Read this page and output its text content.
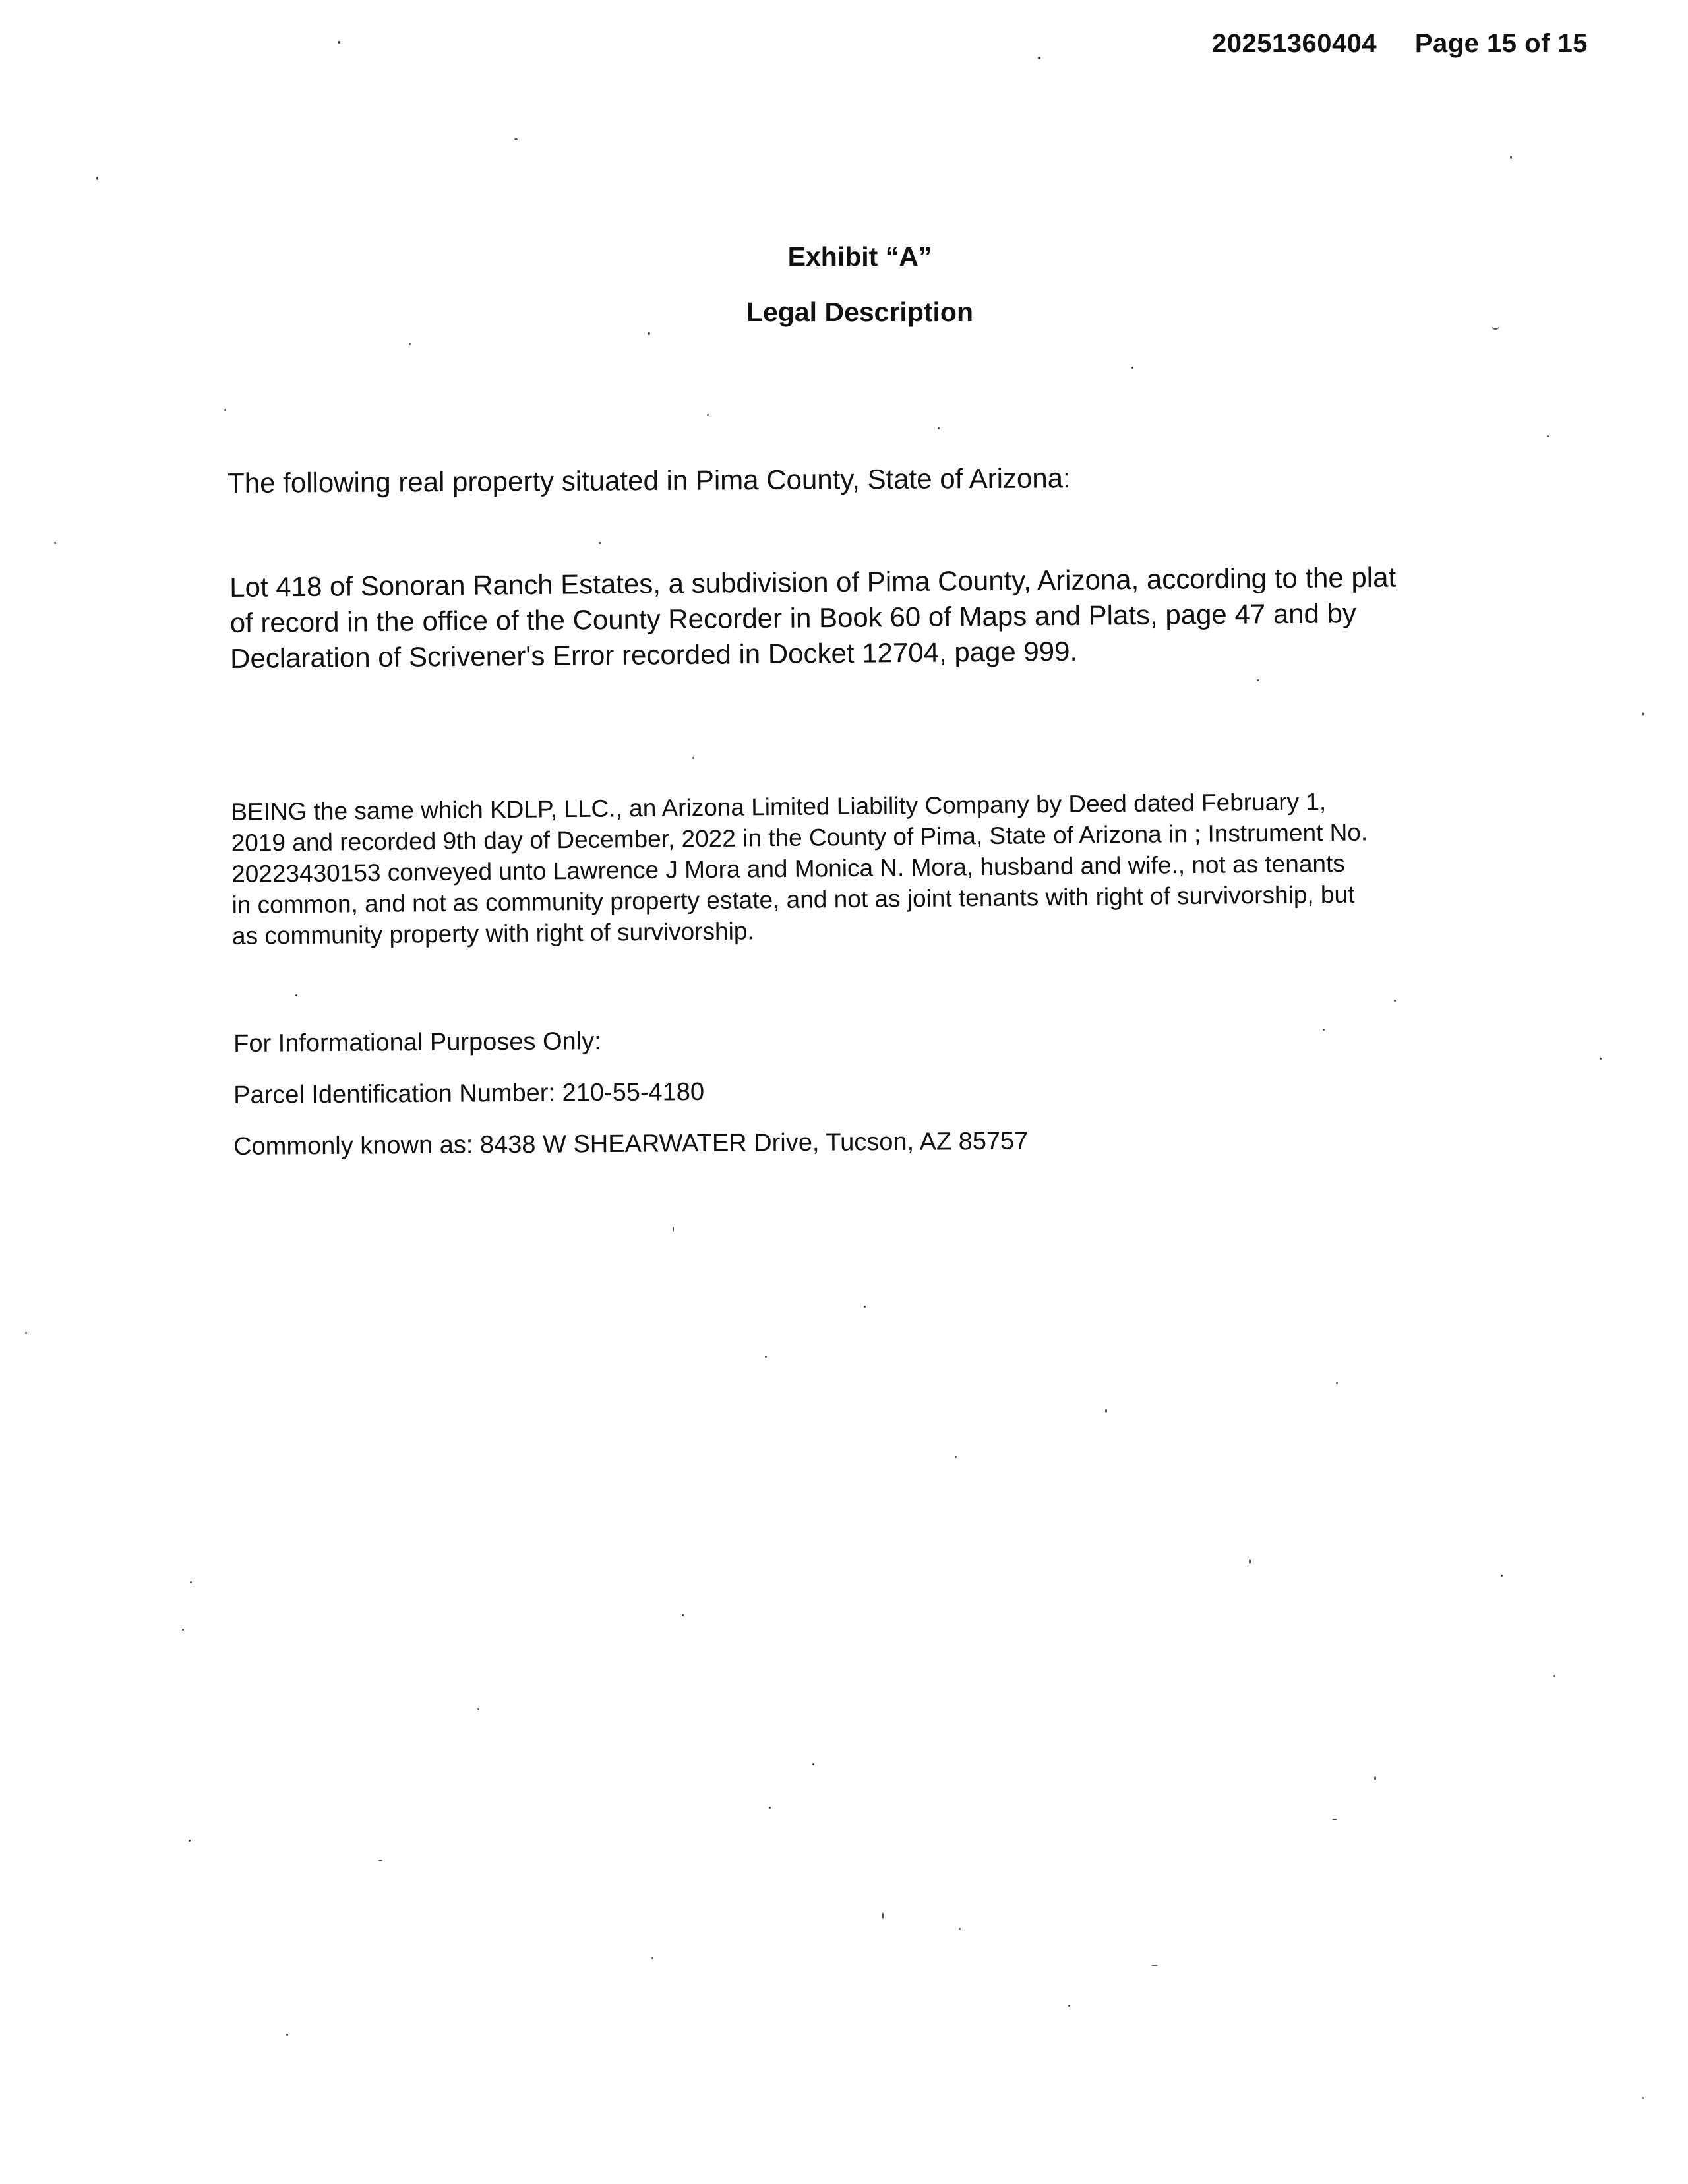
20251360404 Page 15 of 15
Exhibit “A”
Legal Description
The following real property situated in Pima County, State of Arizona:
Lot 418 of Sonoran Ranch Estates, a subdivision of Pima County, Arizona, according to the plat
of record in the office of the County Recorder in Book 60 of Maps and Plats, page 47 and by
Declaration of Scrivener's Error recorded in Docket 12704, page 999.
BEING the same which KDLP, LLC., an Arizona Limited Liability Company by Deed dated February 1,
2019 and recorded 9th day of December, 2022 in the County of Pima, State of Arizona in ; Instrument No.
20223430153 conveyed unto Lawrence J Mora and Monica N. Mora, husband and wife., not as tenants
in common, and not as community property estate, and not as joint tenants with right of survivorship, but
as community property with right of survivorship.
For Informational Purposes Only:
Parcel Identification Number: 210-55-4180
Commonly known as: 8438 W SHEARWATER Drive, Tucson, AZ 85757
